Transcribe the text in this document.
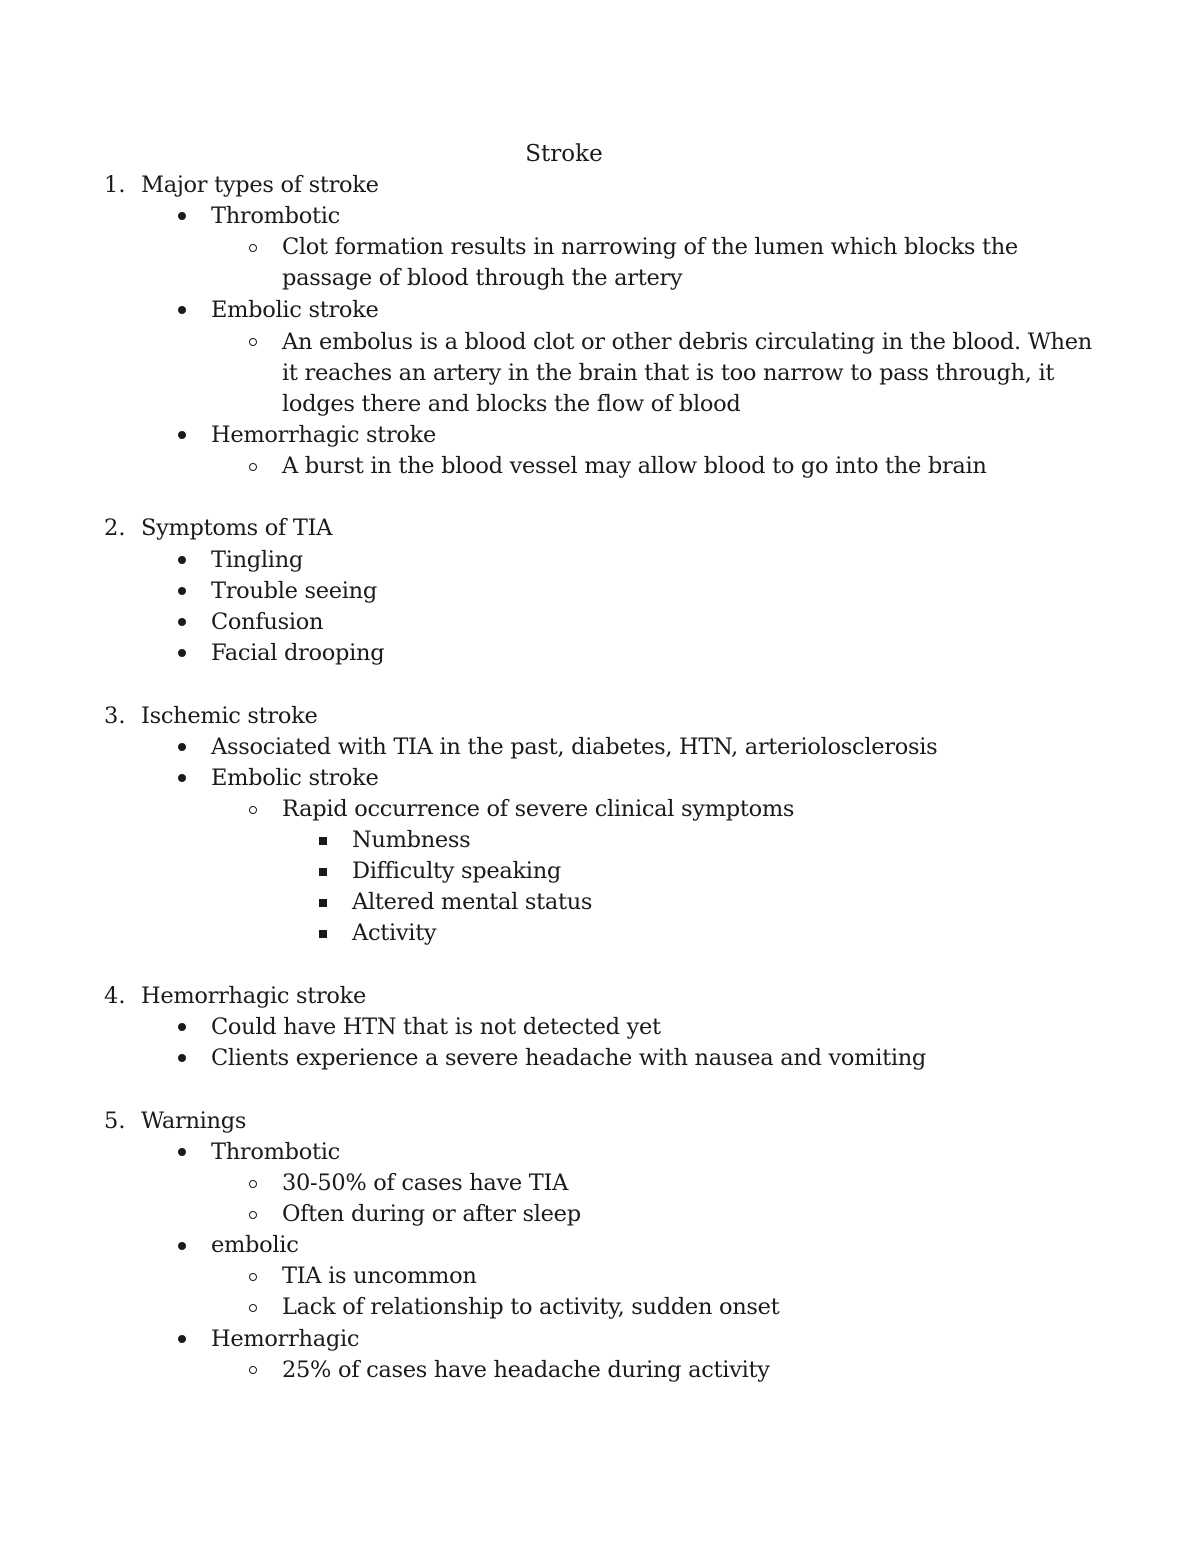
Stroke
1. Major types of stroke
Thrombotic
Clot formation results in narrowing of the lumen which blocks the
passage of blood through the artery
Embolic stroke
An embolus is a blood clot or other debris circulating in the blood. When
it reaches an artery in the brain that is too narrow to pass through, it
lodges there and blocks the flow of blood
Hemorrhagic stroke
A burst in the blood vessel may allow blood to go into the brain
2. Symptoms of TIA
Tingling
Trouble seeing
Confusion
Facial drooping
3. Ischemic stroke
Associated with TIA in the past, diabetes, HTN, arteriolosclerosis
Embolic stroke
Rapid occurrence of severe clinical symptoms
Numbness
Difficulty speaking
Altered mental status
Activity
4. Hemorrhagic stroke
Could have HTN that is not detected yet
Clients experience a severe headache with nausea and vomiting
5. Warnings
Thrombotic
30-50% of cases have TIA
Often during or after sleep
embolic
TIA is uncommon
Lack of relationship to activity, sudden onset
Hemorrhagic
25% of cases have headache during activity
